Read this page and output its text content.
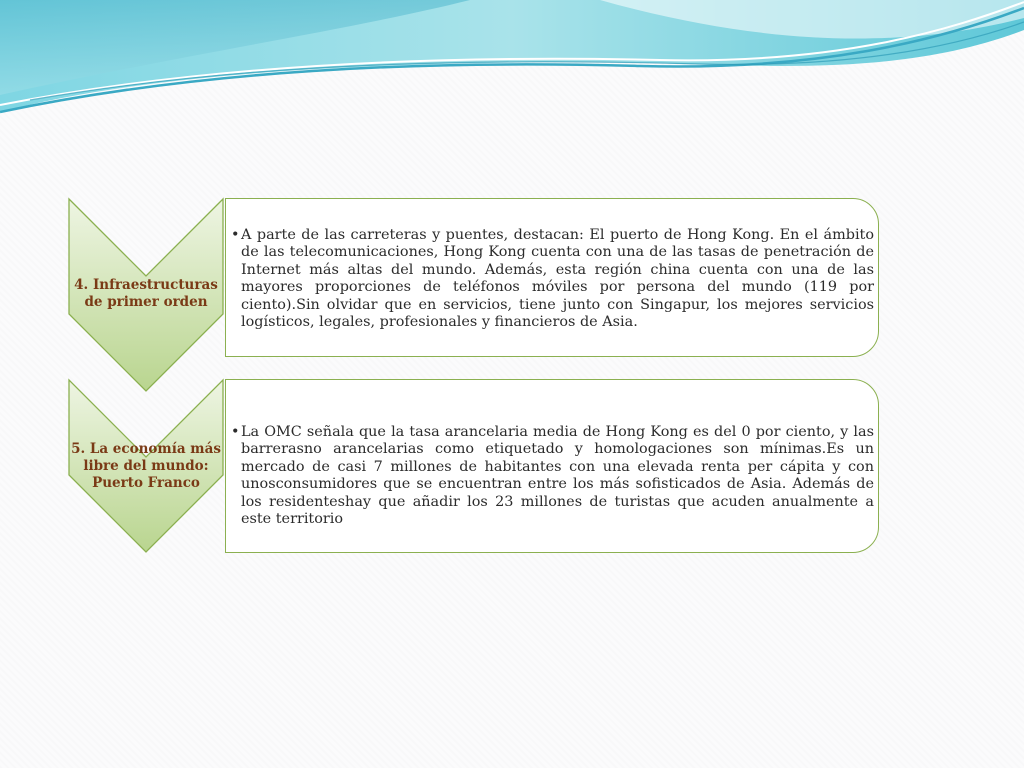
4. Infraestructuras de primer orden
• A parte de las carreteras y puentes, destacan: El puerto de Hong Kong. En el ámbito de las telecomunicaciones, Hong Kong cuenta con una de las tasas de penetración de Internet más altas del mundo. Además, esta región china cuenta con una de las mayores proporciones de teléfonos móviles por persona del mundo (119 por ciento).Sin olvidar que en servicios, tiene junto con Singapur, los mejores servicios logísticos, legales, profesionales y financieros de Asia.
5. La economía más libre del mundo: Puerto Franco
• La OMC señala que la tasa arancelaria media de Hong Kong es del 0 por ciento, y las barrerasno arancelarias como etiquetado y homologaciones son mínimas.Es un mercado de casi 7 millones de habitantes con una elevada renta per cápita y con unosconsumidores que se encuentran entre los más sofisticados de Asia. Además de los residenteshay que añadir los 23 millones de turistas que acuden anualmente a este territorio
